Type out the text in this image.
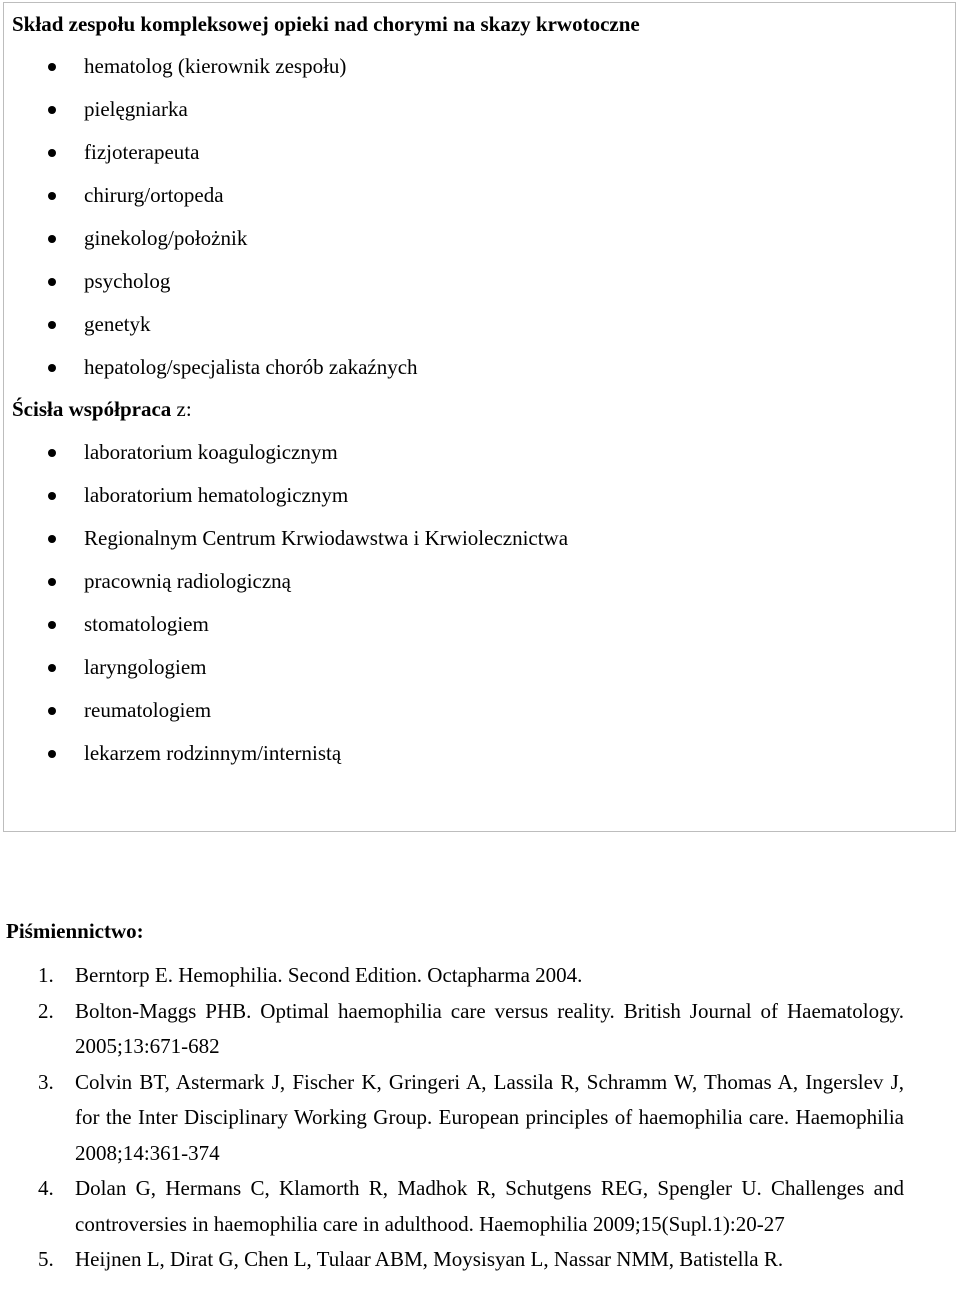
Skład zespołu kompleksowej opieki nad chorymi na skazy krwotoczne
hematolog (kierownik zespołu)
pielęgniarka
fizjoterapeuta
chirurg/ortopeda
ginekolog/położnik
psycholog
genetyk
hepatolog/specjalista chorób zakaźnych
Ścisła współpraca z:
laboratorium koagulogicznym
laboratorium hematologicznym
Regionalnym Centrum Krwiodawstwa i Krwiolecznictwa
pracownią radiologiczną
stomatologiem
laryngologiem
reumatologiem
lekarzem rodzinnym/internistą
Piśmiennictwo:
1. Berntorp E. Hemophilia. Second Edition. Octapharma 2004.
2. Bolton-Maggs PHB. Optimal haemophilia care versus reality. British Journal of Haematology. 2005;13:671-682
3. Colvin BT, Astermark J, Fischer K, Gringeri A, Lassila R, Schramm W, Thomas A, Ingerslev J, for the Inter Disciplinary Working Group. European principles of haemophilia care. Haemophilia 2008;14:361-374
4. Dolan G, Hermans C, Klamorth R, Madhok R, Schutgens REG, Spengler U. Challenges and controversies in haemophilia care in adulthood. Haemophilia 2009;15(Supl.1):20-27
5. Heijnen L, Dirat G, Chen L, Tulaar ABM, Moysisyan L, Nassar NMM, Batistella R.
